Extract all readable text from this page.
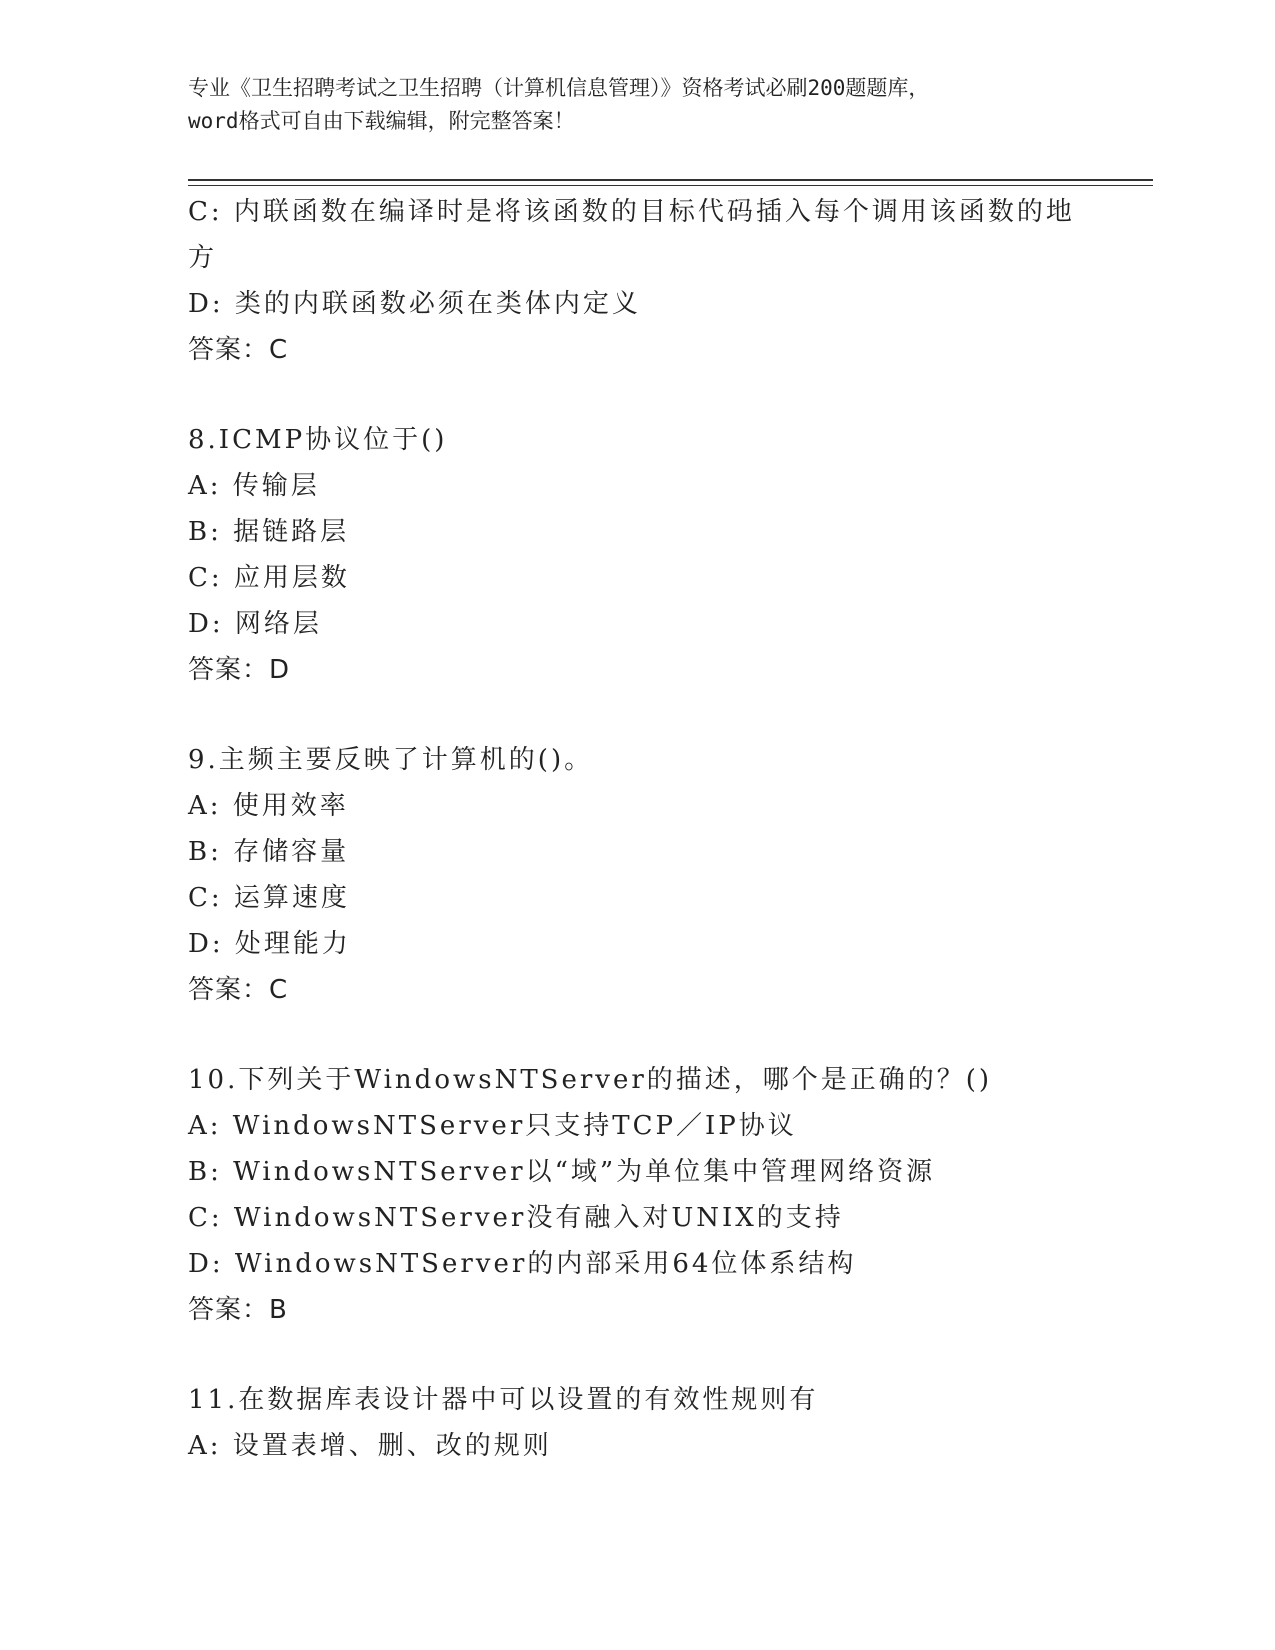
专业《卫生招聘考试之卫生招聘（计算机信息管理）》资格考试必刷200题题库，
word格式可自由下载编辑，附完整答案！
C: 内联函数在编译时是将该函数的目标代码插入每个调用该函数的地
方
D: 类的内联函数必须在类体内定义
答案：C
8.ICMP协议位于()
A: 传输层
B: 据链路层
C: 应用层数
D: 网络层
答案：D
9.主频主要反映了计算机的()。
A: 使用效率
B: 存储容量
C: 运算速度
D: 处理能力
答案：C
10.下列关于WindowsNTServer的描述，哪个是正确的？()
A: WindowsNTServer只支持TCP／IP协议
B: WindowsNTServer以“域”为单位集中管理网络资源
C: WindowsNTServer没有融入对UNIX的支持
D: WindowsNTServer的内部采用64位体系结构
答案：B
11.在数据库表设计器中可以设置的有效性规则有
A: 设置表增、删、改的规则
